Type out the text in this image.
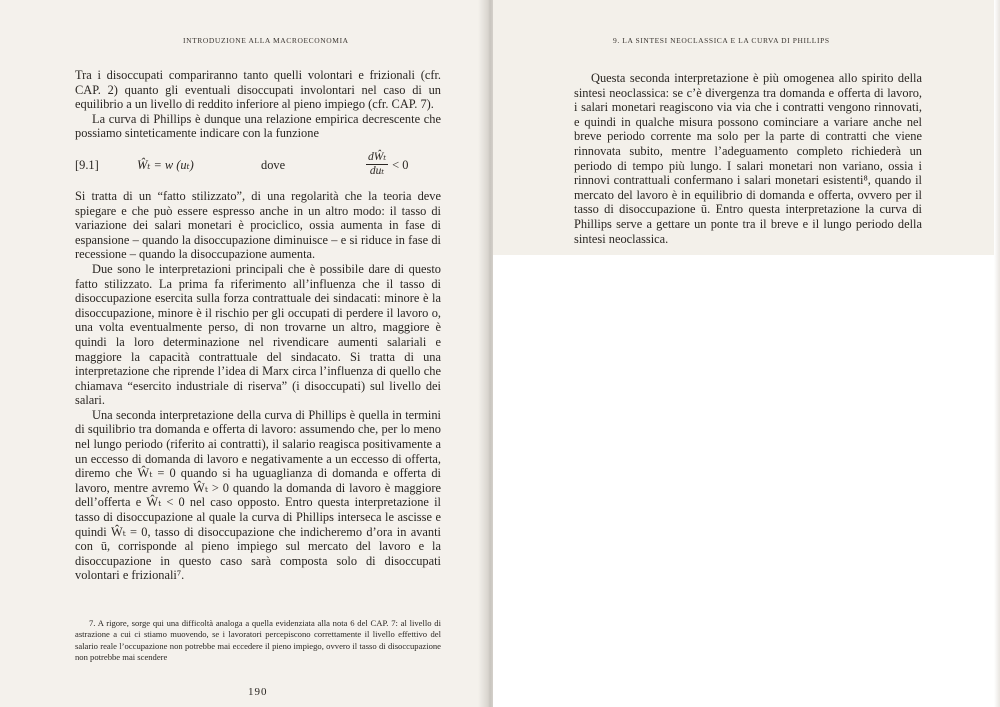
INTRODUZIONE ALLA MACROECONOMIA

Tra i disoccupati compariranno tanto quelli volontari e frizionali (cfr. CAP. 2) quanto gli eventuali disoccupati involontari nel caso di un equilibrio a un livello di reddito inferiore al pieno impiego (cfr. CAP. 7).

La curva di Phillips è dunque una relazione empirica decrescente che possiamo sinteticamente indicare con la funzione

[9.1]	Ŵₜ = w (uₜ)	dove	$\frac{\text{dŴₜ}}{\text{duₜ}} < 0$

Si tratta di un “fatto stilizzato”, di una regolarità che la teoria deve spiegare e che può essere espresso anche in un altro modo: il tasso di variazione dei salari monetari è prociclico, ossia aumenta in fase di espansione – quando la disoccupazione diminuisce – e si riduce in fase di recessione – quando la disoccupazione aumenta.

Due sono le interpretazioni principali che è possibile dare di questo fatto stilizzato. La prima fa riferimento all’influenza che il tasso di disoccupazione esercita sulla forza contrattuale dei sindacati: minore è la disoccupazione, minore è il rischio per gli occupati di perdere il lavoro o, una volta eventualmente perso, di non trovarne un altro, maggiore è quindi la loro determinazione nel rivendicare aumenti salariali e maggiore la capacità contrattuale del sindacato. Si tratta di una interpretazione che riprende l’idea di Marx circa l’influenza di quello che chiamava “esercito industriale di riserva” (i disoccupati) sul livello dei salari.

Una seconda interpretazione della curva di Phillips è quella in termini di squilibrio tra domanda e offerta di lavoro: assumendo che, per lo meno nel lungo periodo (riferito ai contratti), il salario reagisca positivamente a un eccesso di domanda di lavoro e negativamente a un eccesso di offerta, diremo che Ŵₜ = 0 quando si ha uguaglianza di domanda e offerta di lavoro, mentre avremo Ŵₜ > 0 quando la domanda di lavoro è maggiore dell’offerta e Ŵₜ < 0 nel caso opposto. Entro questa interpretazione il tasso di disoccupazione al quale la curva di Phillips interseca le ascisse e quindi Ŵₜ = 0, tasso di disoccupazione che indicheremo d’ora in avanti con ū, corrisponde al pieno impiego sul mercato del lavoro e la disoccupazione in questo caso sarà composta solo di disoccupati volontari e frizionali⁷.

7. A rigore, sorge qui una difficoltà analoga a quella evidenziata alla nota 6 del CAP. 7: al livello di astrazione a cui ci stiamo muovendo, se i lavoratori percepiscono correttamente il livello effettivo del salario reale l’occupazione non potrebbe mai eccedere il pieno impiego, ovvero il tasso di disoccupazione non potrebbe mai scendere

190
9. LA SINTESI NEOCLASSICA E LA CURVA DI PHILLIPS

Questa seconda interpretazione è più omogenea allo spirito della sintesi neoclassica: se c’è divergenza tra domanda e offerta di lavoro, i salari monetari reagiscono via via che i contratti vengono rinnovati, e quindi in qualche misura possono cominciare a variare anche nel breve periodo corrente ma solo per la parte di contratti che viene rinnovata subito, mentre l’adeguamento completo richiederà un periodo di tempo più lungo. I salari monetari non variano, ossia i rinnovi contrattuali confermano i salari monetari esistenti⁸, quando il mercato del lavoro è in equilibrio di domanda e offerta, ovvero per il tasso di disoccupazione ū. Entro questa interpretazione la curva di Phillips serve a gettare un ponte tra il breve e il lungo periodo della sintesi neoclassica.
